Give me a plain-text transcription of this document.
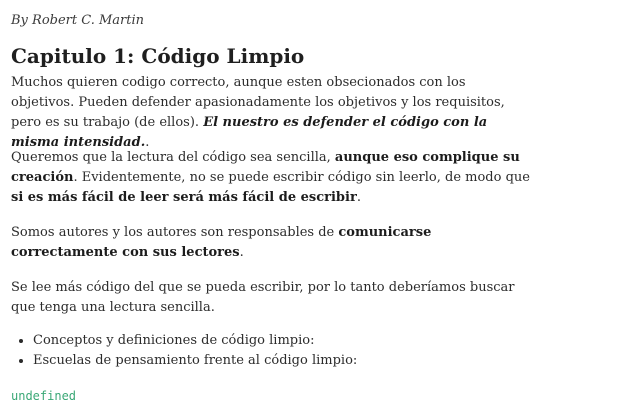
By Robert C. Martin
Capitulo 1: Código Limpio

Muchos quieren codigo correcto, aunque esten obsecionados con los objetivos. Pueden defender apasionadamente los objetivos y los requisitos, pero es su trabajo (de ellos). El nuestro es defender el código con la misma intensidad..

Queremos que la lectura del código sea sencilla, aunque eso complique su creación. Evidentemente, no se puede escribir código sin leerlo, de modo que si es más fácil de leer será más fácil de escribir.

Somos autores y los autores son responsables de comunicarse correctamente con sus lectores.

Se lee más código del que se pueda escribir, por lo tanto deberíamos buscar que tenga una lectura sencilla.

• Conceptos y definiciones de código limpio:
• Escuelas de pensamiento frente al código limpio:
undefined
